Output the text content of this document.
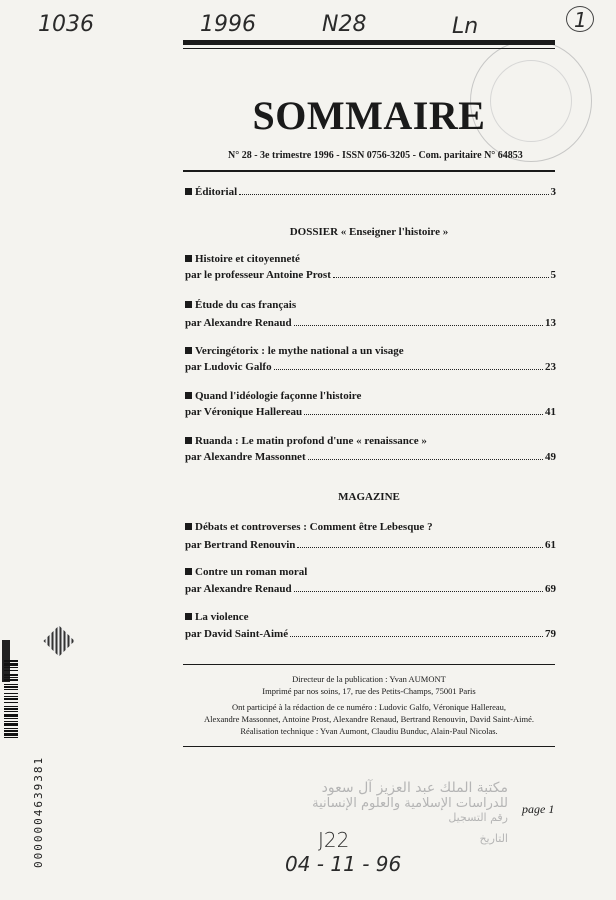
1036	1996	N28	Ln	1
SOMMAIRE
N° 28 - 3e trimestre 1996 - ISSN 0756-3205 - Com. paritaire N° 64853
Éditorial	3
DOSSIER « Enseigner l'histoire »
Histoire et citoyenneté
par le professeur Antoine Prost	5
Étude du cas français
par Alexandre Renaud	13
Vercingétorix : le mythe national a un visage
par Ludovic Galfo	23
Quand l'idéologie façonne l'histoire
par Véronique Hallereau	41
Ruanda : Le matin profond d'une « renaissance »
par Alexandre Massonnet	49
MAGAZINE
Débats et controverses : Comment être Lebesque ?
par Bertrand Renouvin	61
Contre un roman moral
par Alexandre Renaud	69
La violence
par David Saint-Aimé	79
Directeur de la publication : Yvan AUMONT
Imprimé par nos soins, 17, rue des Petits-Champs, 75001 Paris
Ont participé à la rédaction de ce numéro : Ludovic Galfo, Véronique Hallereau,
Alexandre Massonnet, Antoine Prost, Alexandre Renaud, Bertrand Renouvin, David Saint-Aimé.
Réalisation technique : Yvan Aumont, Claudiu Bunduc, Alain-Paul Nicolas.
مكتبة الملك عبد العزيز آل سعود
للدراسات الإسلامية والعلوم الإنسانية
رقم التسجيل
التاريخ
J22
04 - 11 - 96
page 1
0000004639381
